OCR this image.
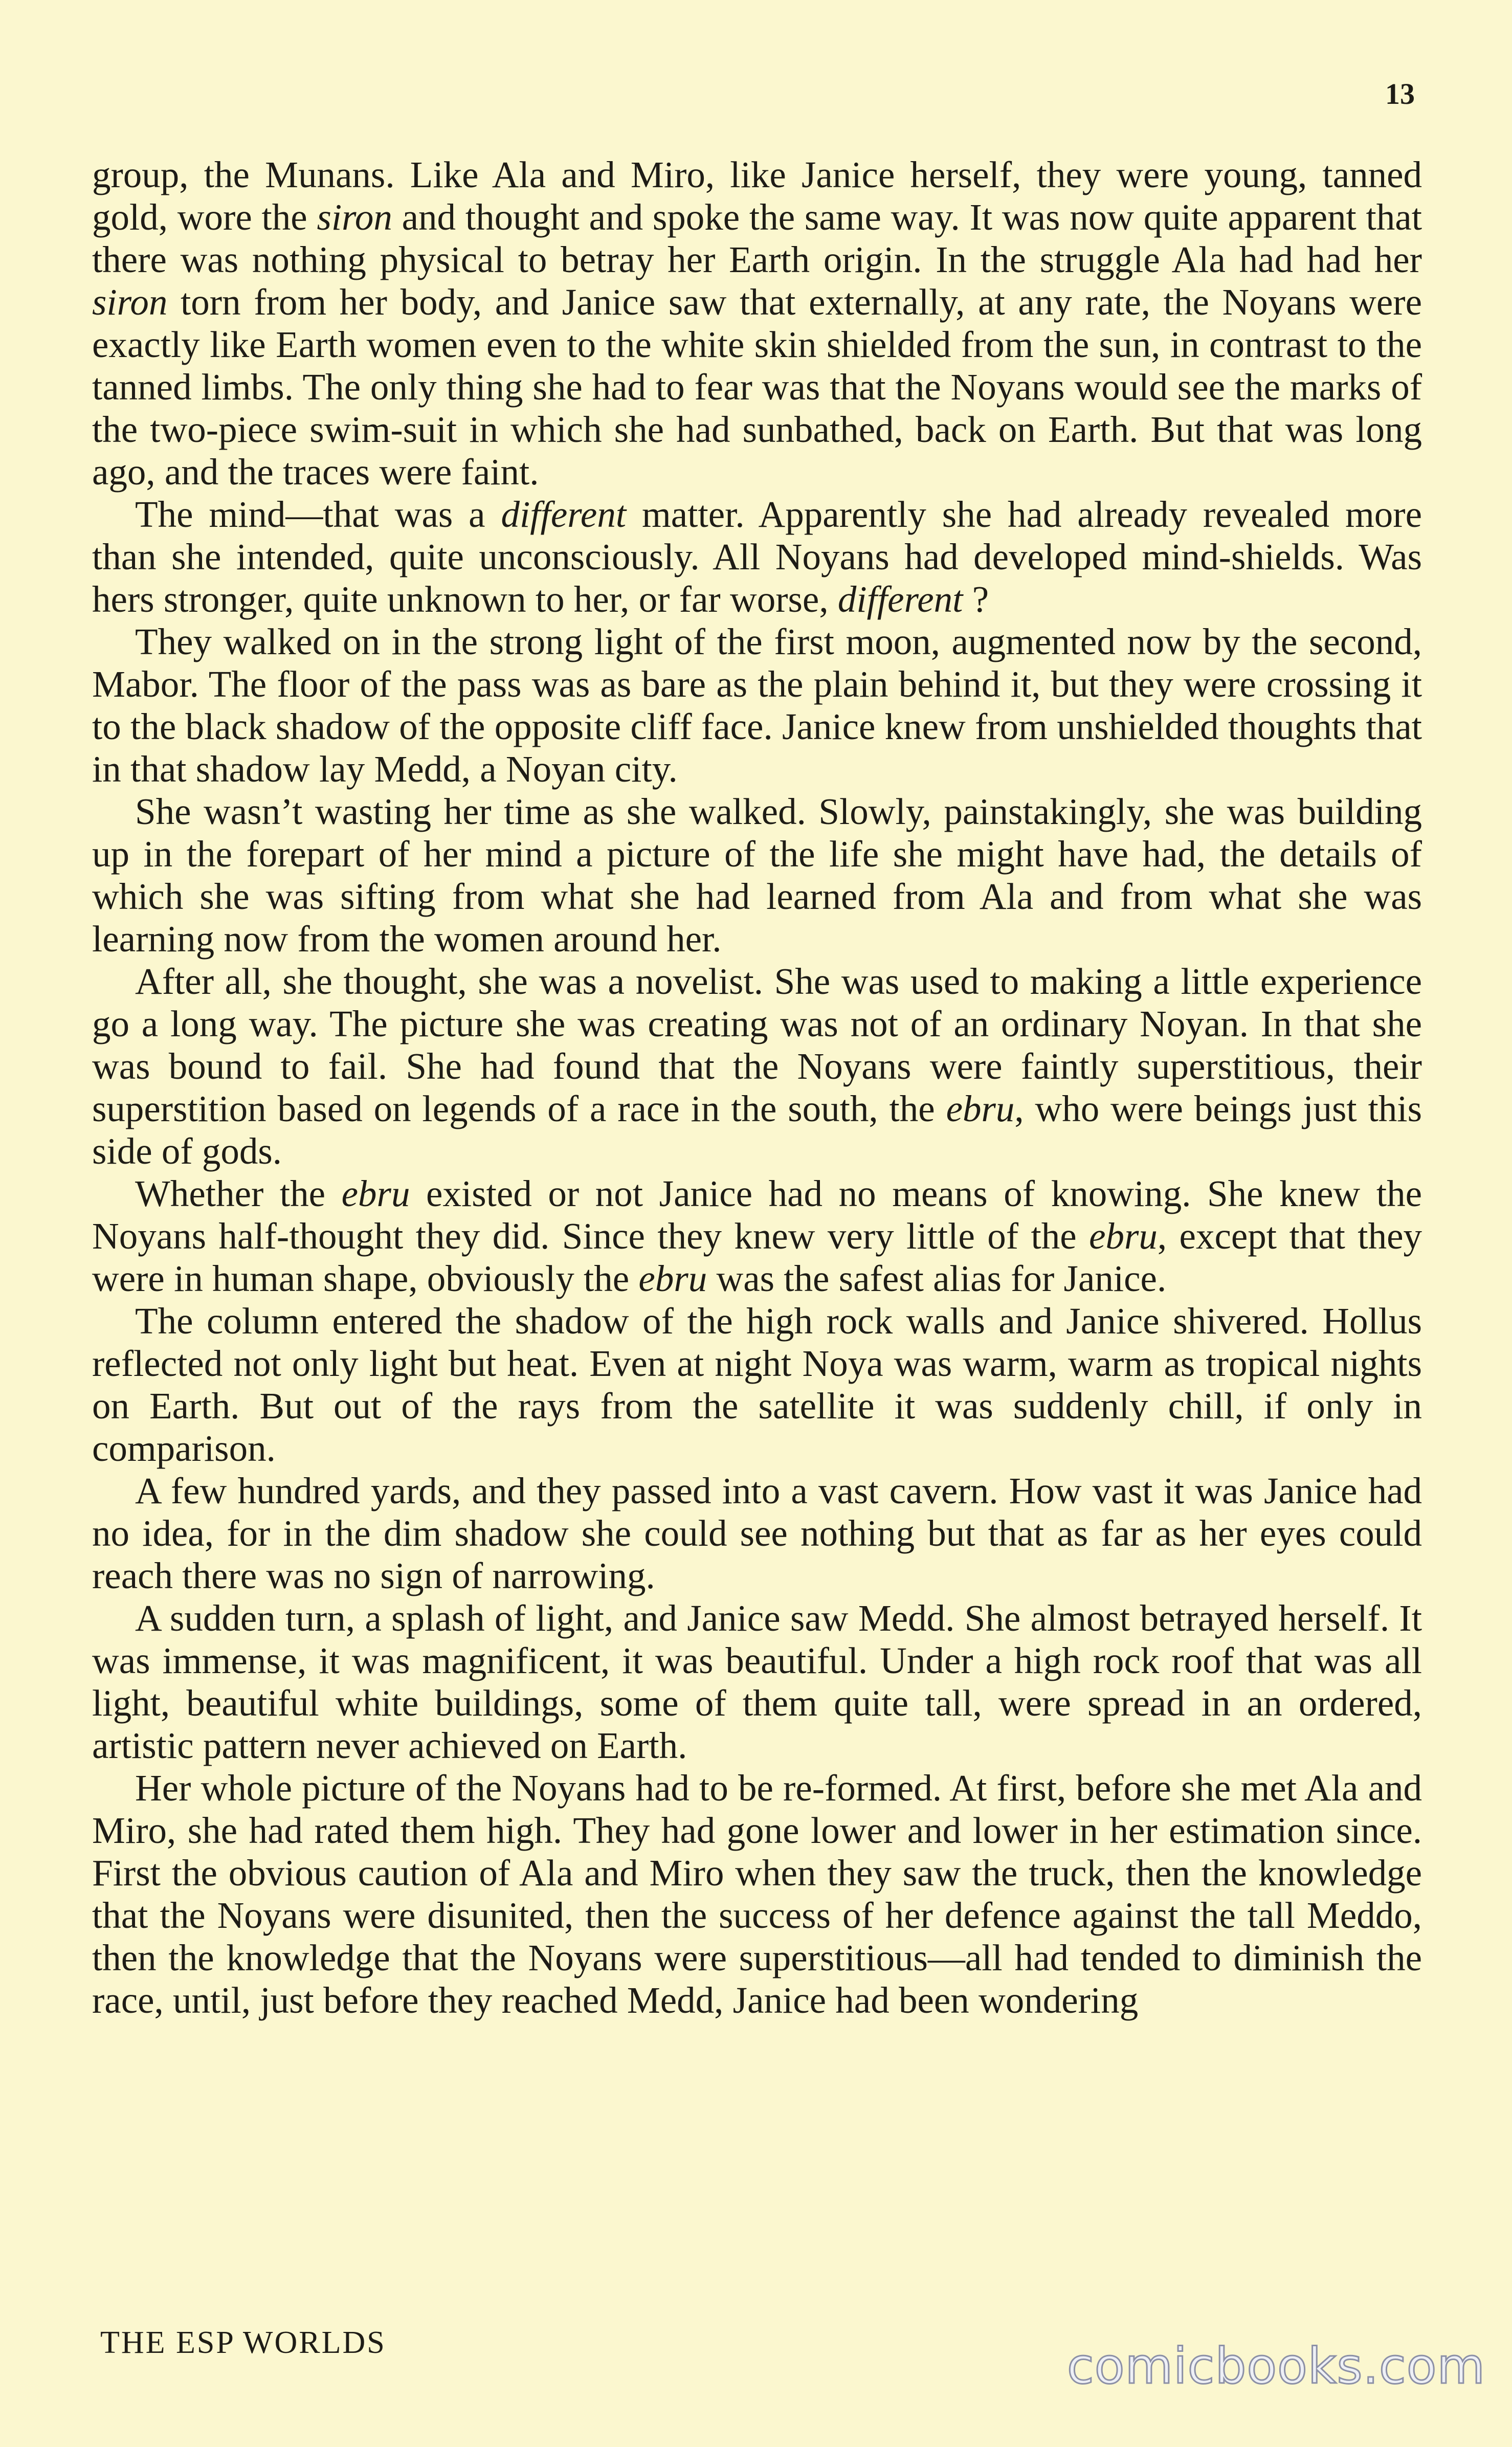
13

group, the Munans. Like Ala and Miro, like Janice herself, they were young, tanned gold, wore the siron and thought and spoke the same way. It was now quite apparent that there was nothing physical to betray her Earth origin. In the struggle Ala had had her siron torn from her body, and Janice saw that externally, at any rate, the Noyans were exactly like Earth women even to the white skin shielded from the sun, in contrast to the tanned limbs. The only thing she had to fear was that the Noyans would see the marks of the two-piece swim-suit in which she had sunbathed, back on Earth. But that was long ago, and the traces were faint.

The mind—that was a different matter. Apparently she had already revealed more than she intended, quite unconsciously. All Noyans had developed mind-shields. Was hers stronger, quite unknown to her, or far worse, different ?

They walked on in the strong light of the first moon, augmented now by the second, Mabor. The floor of the pass was as bare as the plain behind it, but they were crossing it to the black shadow of the opposite cliff face. Janice knew from unshielded thoughts that in that shadow lay Medd, a Noyan city.

She wasn’t wasting her time as she walked. Slowly, painstakingly, she was building up in the forepart of her mind a picture of the life she might have had, the details of which she was sifting from what she had learned from Ala and from what she was learning now from the women around her.

After all, she thought, she was a novelist. She was used to making a little experience go a long way. The picture she was creating was not of an ordinary Noyan. In that she was bound to fail. She had found that the Noyans were faintly superstitious, their superstition based on legends of a race in the south, the ebru, who were beings just this side of gods.

Whether the ebru existed or not Janice had no means of knowing. She knew the Noyans half-thought they did. Since they knew very little of the ebru, except that they were in human shape, obviously the ebru was the safest alias for Janice.

The column entered the shadow of the high rock walls and Janice shivered. Hollus reflected not only light but heat. Even at night Noya was warm, warm as tropical nights on Earth. But out of the rays from the satellite it was suddenly chill, if only in comparison.

A few hundred yards, and they passed into a vast cavern. How vast it was Janice had no idea, for in the dim shadow she could see nothing but that as far as her eyes could reach there was no sign of narrowing.

A sudden turn, a splash of light, and Janice saw Medd. She almost betrayed herself. It was immense, it was magnificent, it was beautiful. Under a high rock roof that was all light, beautiful white buildings, some of them quite tall, were spread in an ordered, artistic pattern never achieved on Earth.

Her whole picture of the Noyans had to be re-formed. At first, before she met Ala and Miro, she had rated them high. They had gone lower and lower in her estimation since. First the obvious caution of Ala and Miro when they saw the truck, then the knowledge that the Noyans were disunited, then the success of her defence against the tall Meddo, then the knowledge that the Noyans were superstitious—all had tended to diminish the race, until, just before they reached Medd, Janice had been wondering

THE ESP WORLDS	comicbooks.com
